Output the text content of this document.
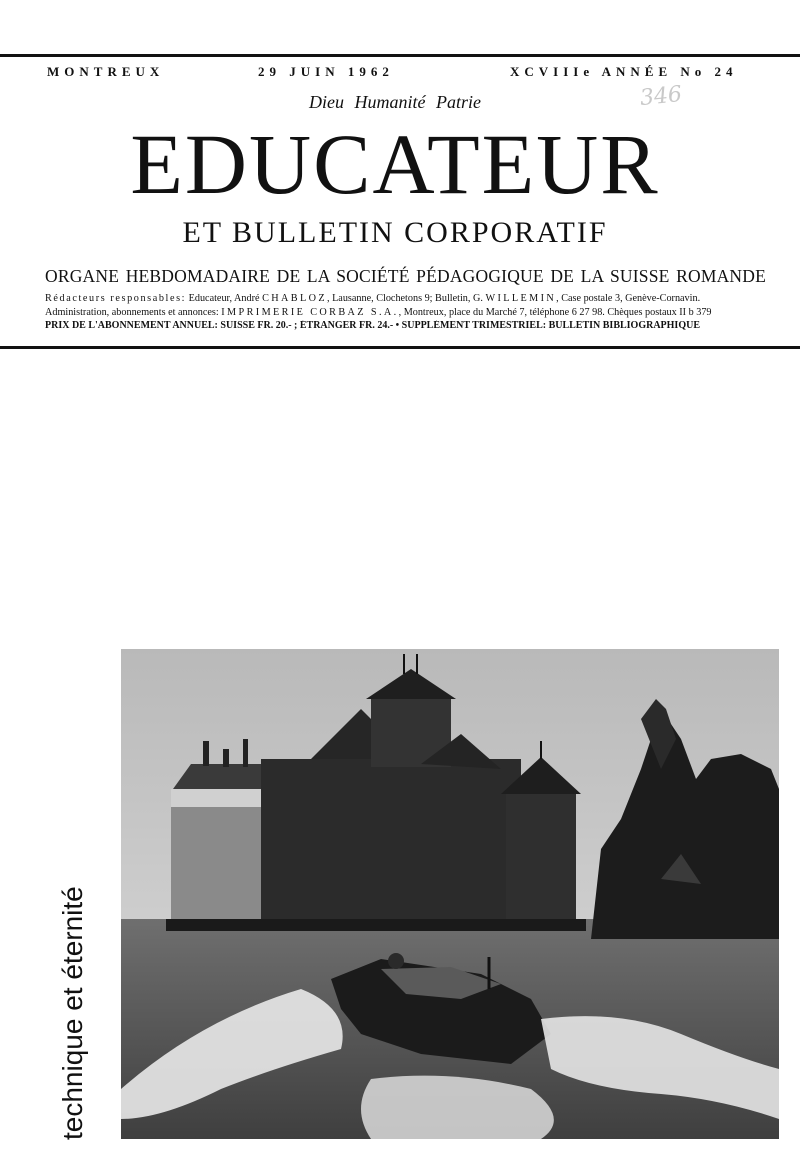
MONTREUX	29 JUIN 1962	XCVIIIe ANNÉE No 24
Dieu Humanité Patrie	346
EDUCATEUR
ET BULLETIN CORPORATIF
ORGANE HEBDOMADAIRE DE LA SOCIÉTÉ PÉDAGOGIQUE DE LA SUISSE ROMANDE
Rédacteurs responsables: Educateur, André CHABLOZ, Lausanne, Clochetons 9; Bulletin, G. WILLEMIN, Case postale 3, Genève-Cornavin.
Administration, abonnements et annonces: IMPRIMERIE CORBAZ S.A., Montreux, place du Marché 7, téléphone 6 27 98. Chèques postaux II b 379
PRIX DE L'ABONNEMENT ANNUEL: SUISSE FR. 20.- ; ÉTRANGER FR. 24.- • SUPPLÉMENT TRIMESTRIEL: BULLETIN BIBLIOGRAPHIQUE
technique et éternité
